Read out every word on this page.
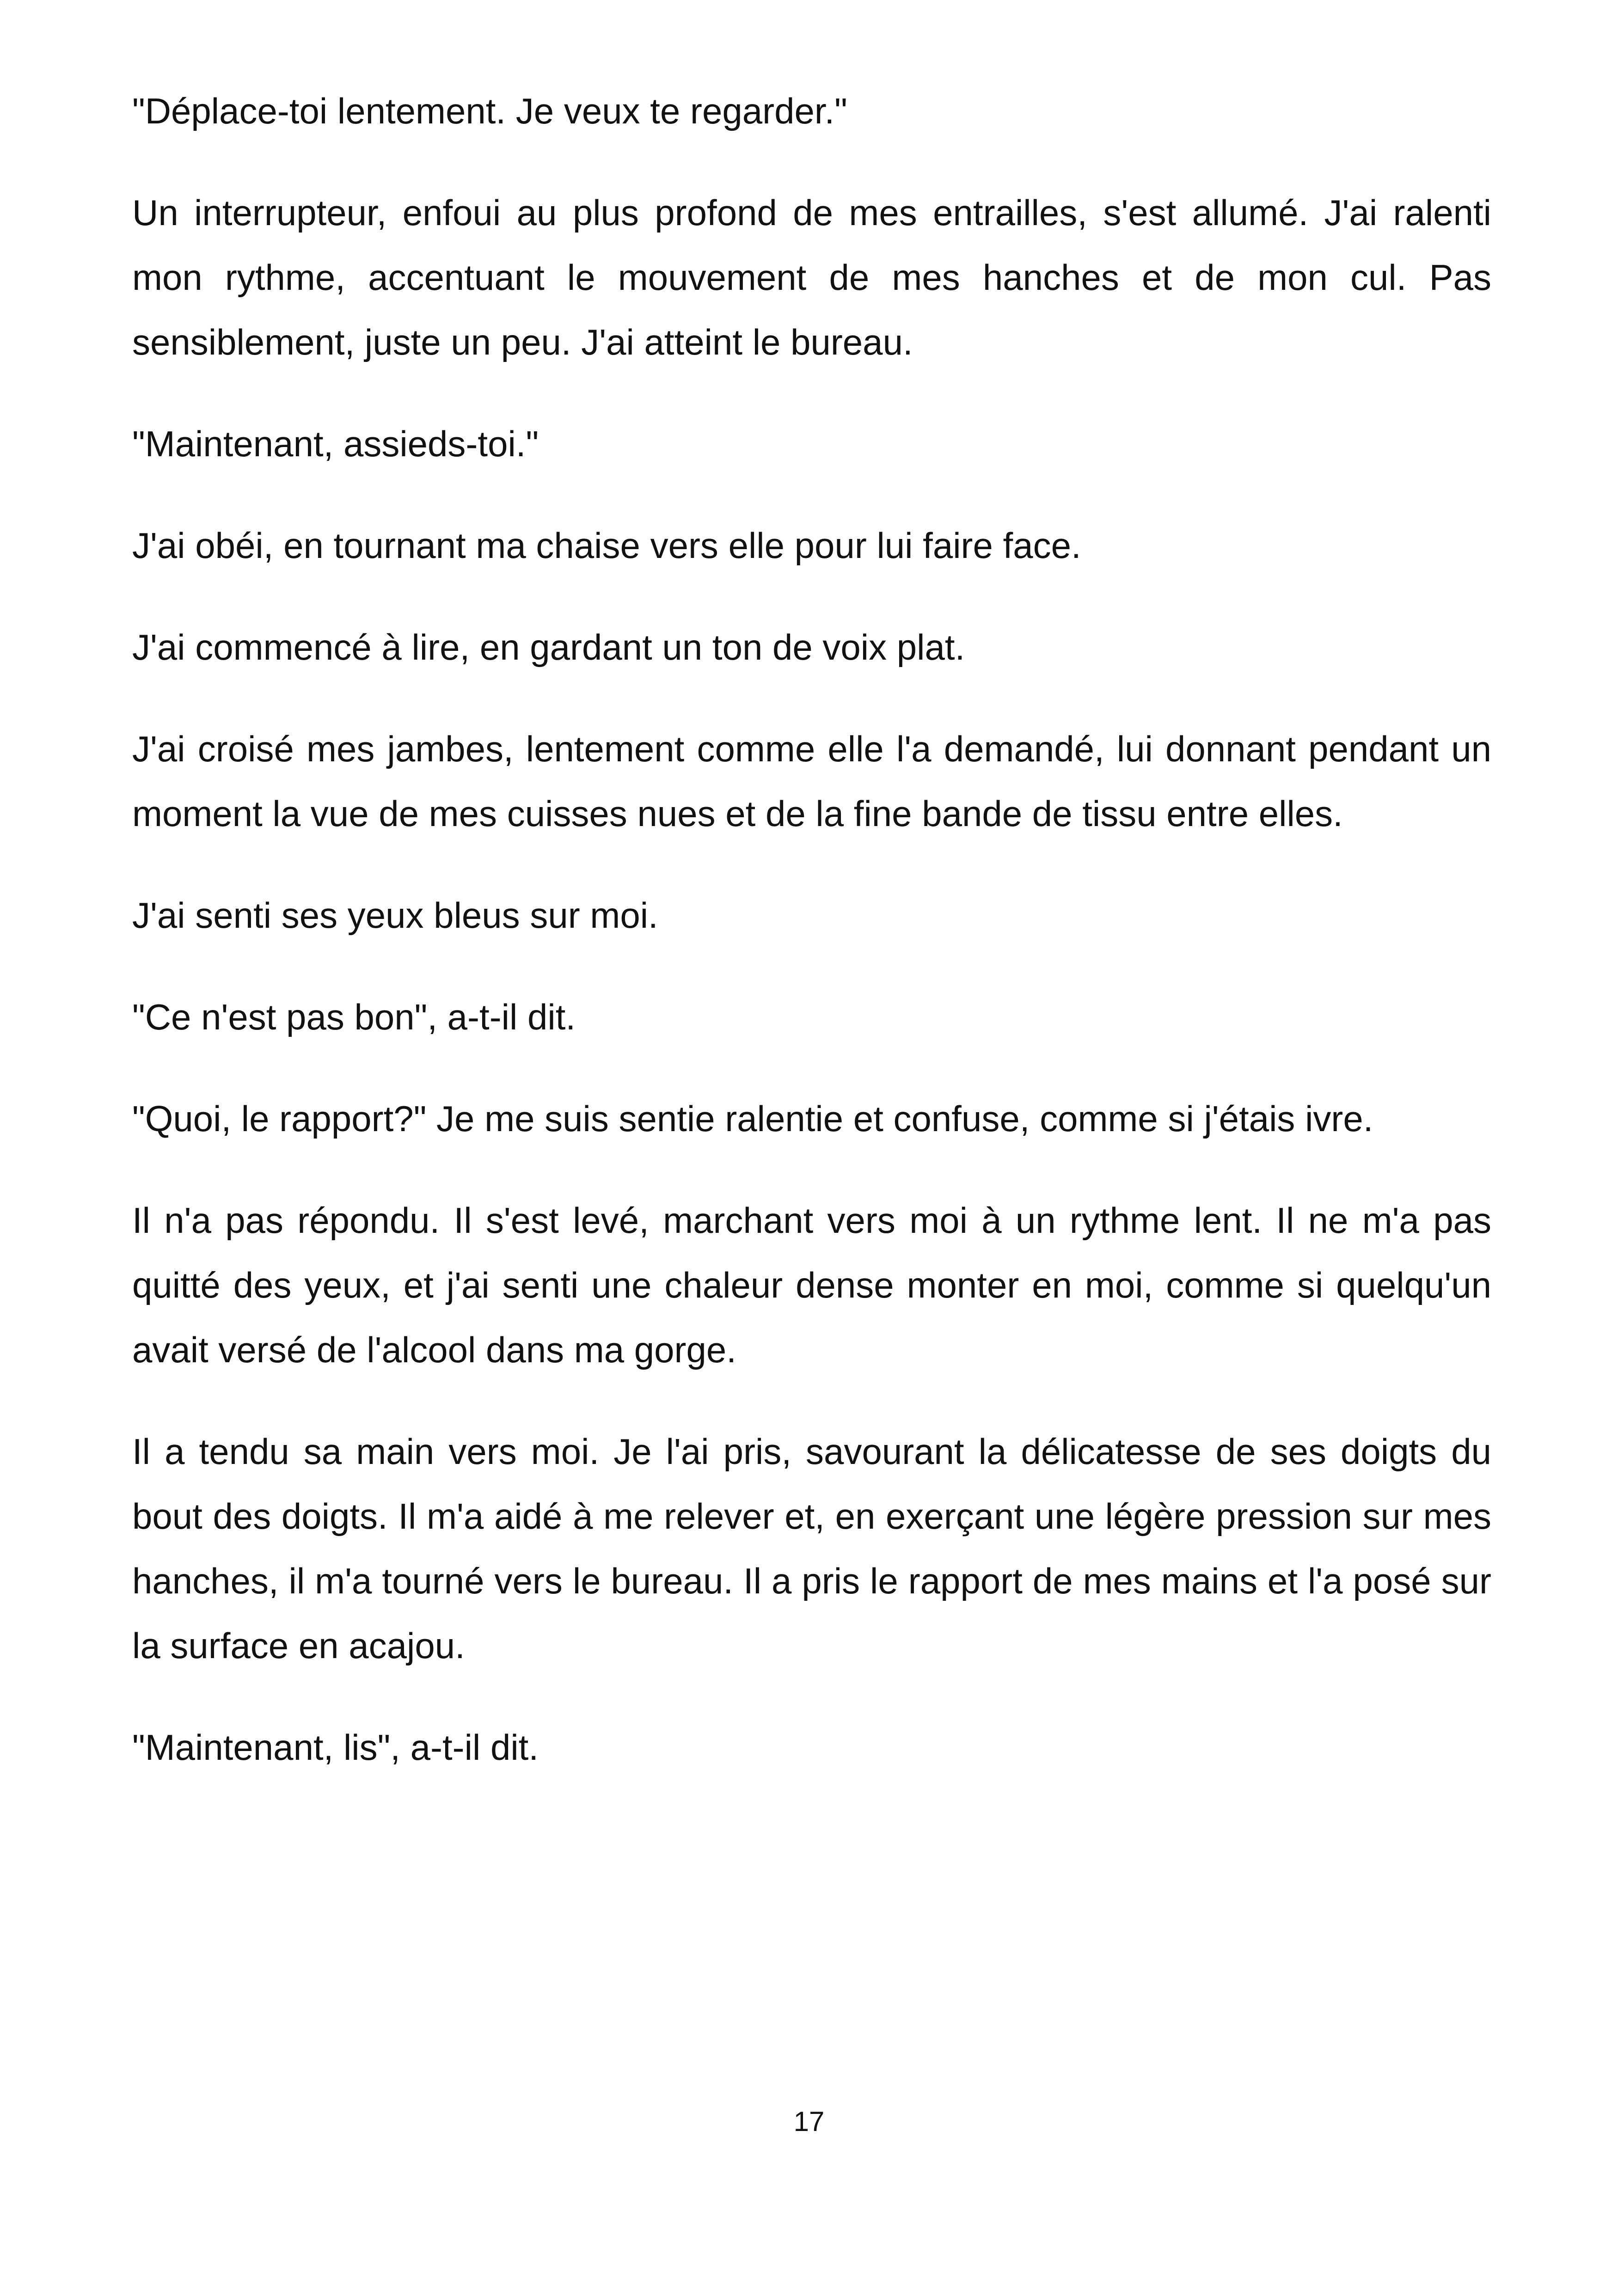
"Déplace-toi lentement. Je veux te regarder."

Un interrupteur, enfoui au plus profond de mes entrailles, s'est allumé. J'ai ralenti mon rythme, accentuant le mouvement de mes hanches et de mon cul. Pas sensiblement, juste un peu. J'ai atteint le bureau.

"Maintenant, assieds-toi."

J'ai obéi, en tournant ma chaise vers elle pour lui faire face.

J'ai commencé à lire, en gardant un ton de voix plat.

J'ai croisé mes jambes, lentement comme elle l'a demandé, lui donnant pendant un moment la vue de mes cuisses nues et de la fine bande de tissu entre elles.

J'ai senti ses yeux bleus sur moi.

"Ce n'est pas bon", a-t-il dit.

"Quoi, le rapport?" Je me suis sentie ralentie et confuse, comme si j'étais ivre.

Il n'a pas répondu. Il s'est levé, marchant vers moi à un rythme lent. Il ne m'a pas quitté des yeux, et j'ai senti une chaleur dense monter en moi, comme si quelqu'un avait versé de l'alcool dans ma gorge.

Il a tendu sa main vers moi. Je l'ai pris, savourant la délicatesse de ses doigts du bout des doigts. Il m'a aidé à me relever et, en exerçant une légère pression sur mes hanches, il m'a tourné vers le bureau. Il a pris le rapport de mes mains et l'a posé sur la surface en acajou.

"Maintenant, lis", a-t-il dit.

17
